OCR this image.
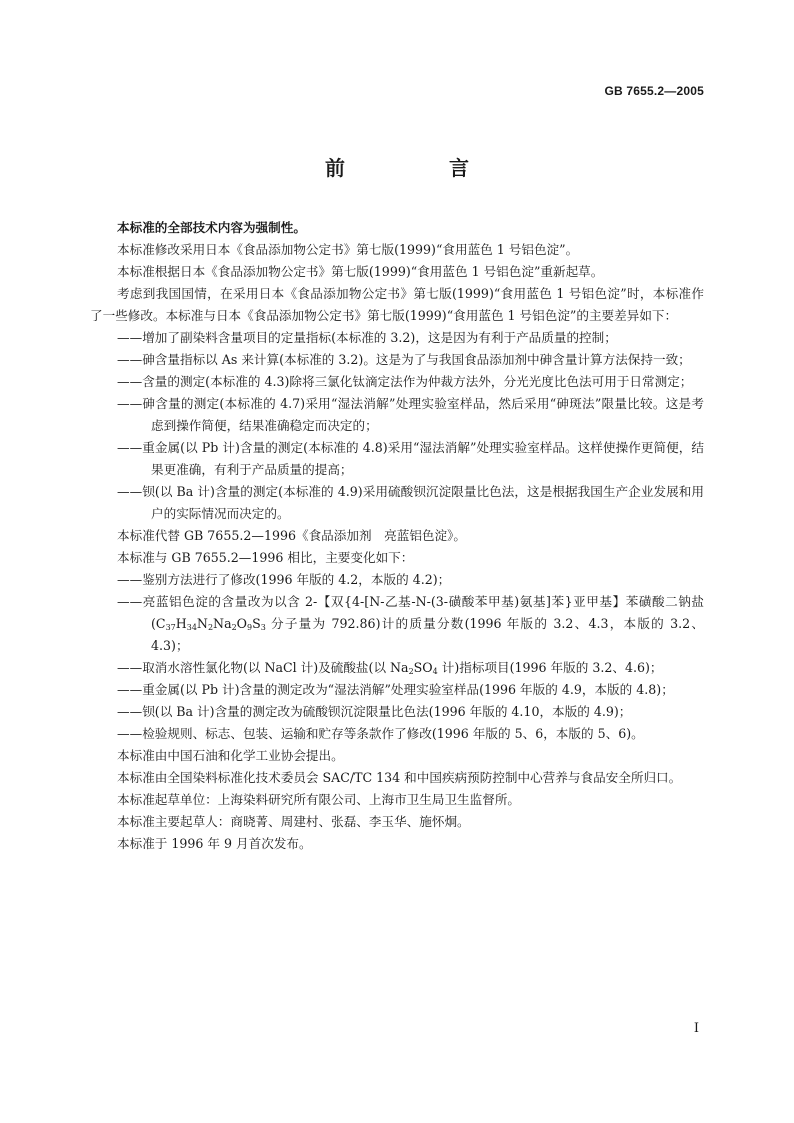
GB 7655.2—2005
前　言

本标准的全部技术内容为强制性。

本标准修改采用日本《食品添加物公定书》第七版(1999)“食用蓝色 1 号铝色淀”。

本标准根据日本《食品添加物公定书》第七版(1999)“食用蓝色 1 号铝色淀”重新起草。

考虑到我国国情，在采用日本《食品添加物公定书》第七版(1999)“食用蓝色 1 号铝色淀”时，本标准作了一些修改。本标准与日本《食品添加物公定书》第七版(1999)“食用蓝色 1 号铝色淀”的主要差异如下：

——增加了副染料含量项目的定量指标(本标准的 3.2)，这是因为有利于产品质量的控制；

——砷含量指标以 As 来计算(本标准的 3.2)。这是为了与我国食品添加剂中砷含量计算方法保持一致；

——含量的测定(本标准的 4.3)除将三氯化钛滴定法作为仲裁方法外，分光光度比色法可用于日常测定；

——砷含量的测定(本标准的 4.7)采用“湿法消解”处理实验室样品，然后采用“砷斑法”限量比较。这是考虑到操作简便，结果准确稳定而决定的；

——重金属(以 Pb 计)含量的测定(本标准的 4.8)采用“湿法消解”处理实验室样品。这样使操作更简便，结果更准确，有利于产品质量的提高；

——钡(以 Ba 计)含量的测定(本标准的 4.9)采用硫酸钡沉淀限量比色法，这是根据我国生产企业发展和用户的实际情况而决定的。

本标准代替 GB 7655.2—1996《食品添加剂　亮蓝铝色淀》。

本标准与 GB 7655.2—1996 相比，主要变化如下：

——鉴别方法进行了修改(1996 年版的 4.2，本版的 4.2)；

——亮蓝铝色淀的含量改为以含 2-【双{4-[N-乙基-N-(3-磺酸苯甲基)氨基]苯}亚甲基】苯磺酸二钠盐($C_{37}H_{34}N_2Na_2O_9S_3$ 分子量为 792.86)计的质量分数(1996 年版的 3.2、4.3，本版的 3.2、4.3)；

——取消水溶性氯化物(以 NaCl 计)及硫酸盐(以 $Na_2SO_4$ 计)指标项目(1996 年版的 3.2、4.6)；

——重金属(以 Pb 计)含量的测定改为“湿法消解”处理实验室样品(1996 年版的 4.9，本版的 4.8)；

——钡(以 Ba 计)含量的测定改为硫酸钡沉淀限量比色法(1996 年版的 4.10，本版的 4.9)；

——检验规则、标志、包装、运输和贮存等条款作了修改(1996 年版的 5、6，本版的 5、6)。

本标准由中国石油和化学工业协会提出。

本标准由全国染料标准化技术委员会 SAC/TC 134 和中国疾病预防控制中心营养与食品安全所归口。

本标准起草单位：上海染料研究所有限公司、上海市卫生局卫生监督所。

本标准主要起草人：商晓菁、周建村、张磊、李玉华、施怀炯。

本标准于 1996 年 9 月首次发布。

I
